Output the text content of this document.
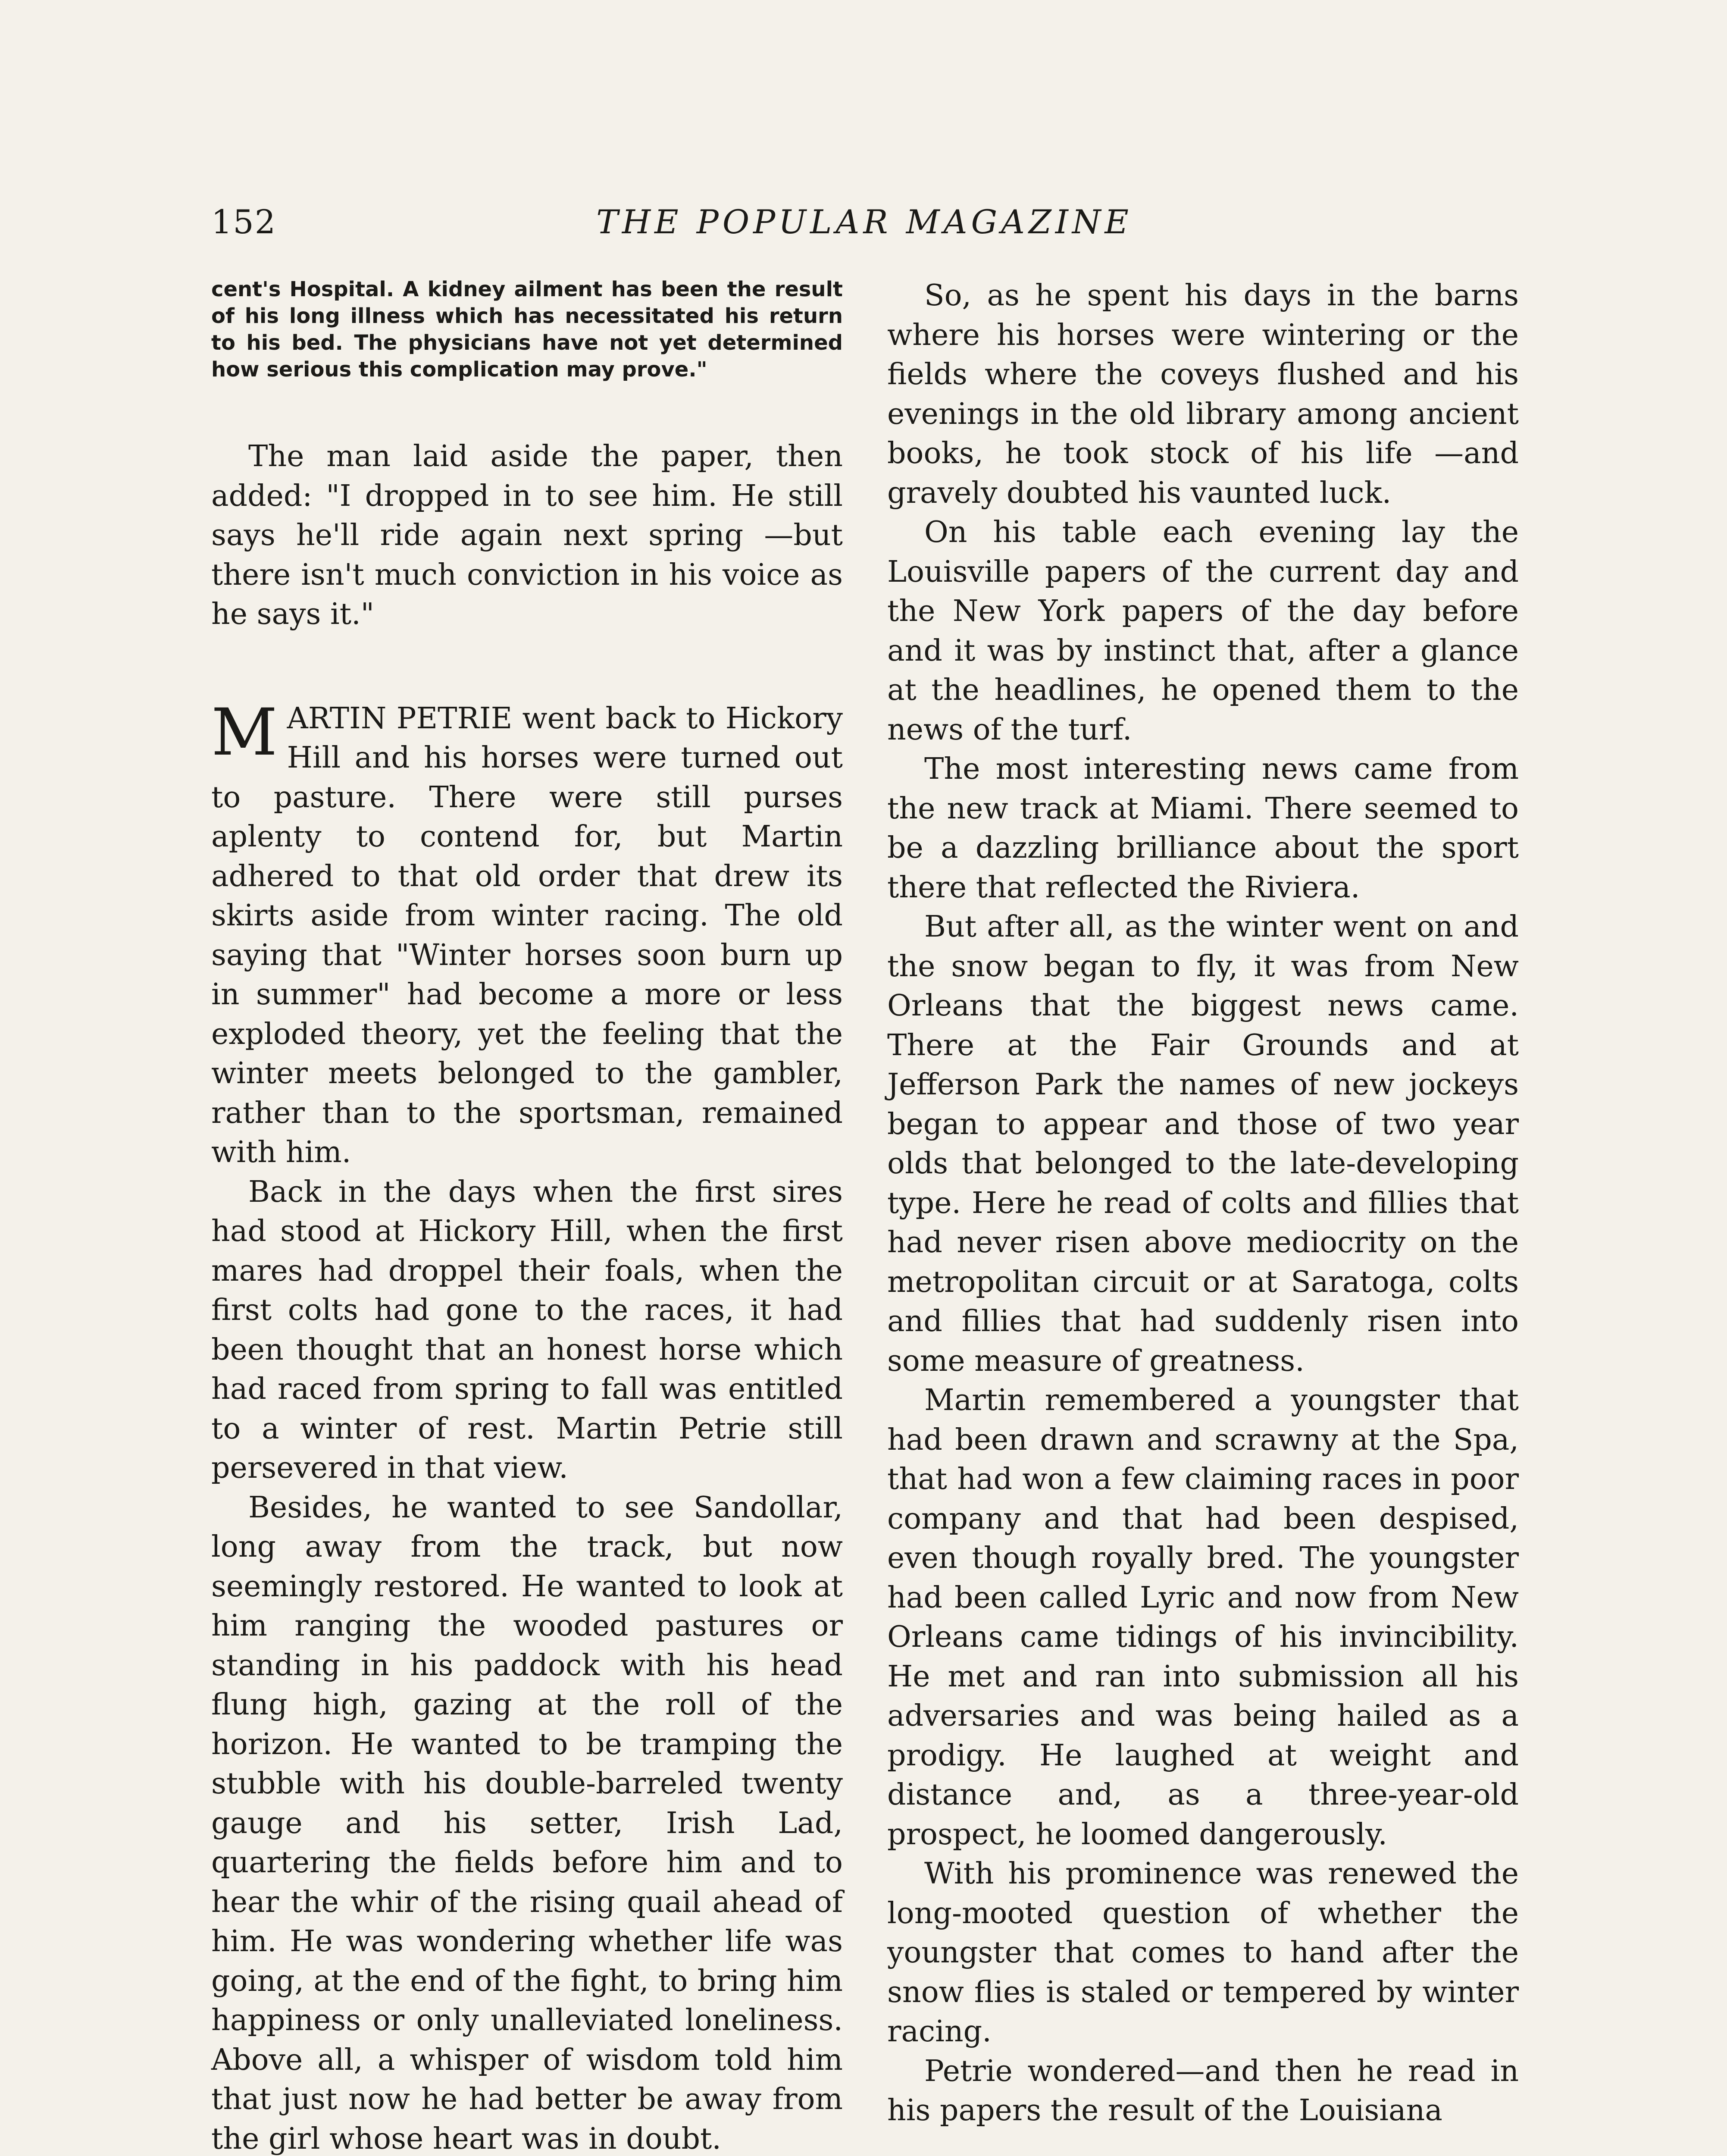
152	THE POPULAR MAGAZINE

cent's Hospital. A kidney ailment has been the result of his long illness which has necessitated his return to his bed. The physicians have not yet determined how serious this complication may prove."

The man laid aside the paper, then added: "I dropped in to see him. He still says he'll ride again next spring —but there isn't much conviction in his voice as he says it."

MARTIN PETRIE went back to Hickory Hill and his horses were turned out to pasture. There were still purses aplenty to contend for, but Martin adhered to that old order that drew its skirts aside from winter racing. The old saying that "Winter horses soon burn up in summer" had become a more or less exploded theory, yet the feeling that the winter meets belonged to the gambler, rather than to the sportsman, remained with him.

Back in the days when the first sires had stood at Hickory Hill, when the first mares had droppel their foals, when the first colts had gone to the races, it had been thought that an honest horse which had raced from spring to fall was entitled to a winter of rest. Martin Petrie still persevered in that view.

Besides, he wanted to see Sandollar, long away from the track, but now seemingly restored. He wanted to look at him ranging the wooded pastures or standing in his paddock with his head flung high, gazing at the roll of the horizon. He wanted to be tramping the stubble with his double-barreled twenty gauge and his setter, Irish Lad, quartering the fields before him and to hear the whir of the rising quail ahead of him. He was wondering whether life was going, at the end of the fight, to bring him happiness or only unalleviated loneliness. Above all, a whisper of wisdom told him that just now he had better be away from the girl whose heart was in doubt.

So, as he spent his days in the barns where his horses were wintering or the fields where the coveys flushed and his evenings in the old library among ancient books, he took stock of his life —and gravely doubted his vaunted luck.

On his table each evening lay the Louisville papers of the current day and the New York papers of the day before and it was by instinct that, after a glance at the headlines, he opened them to the news of the turf.

The most interesting news came from the new track at Miami. There seemed to be a dazzling brilliance about the sport there that reflected the Riviera.

But after all, as the winter went on and the snow began to fly, it was from New Orleans that the biggest news came. There at the Fair Grounds and at Jefferson Park the names of new jockeys began to appear and those of two year olds that belonged to the late-developing type. Here he read of colts and fillies that had never risen above mediocrity on the metropolitan circuit or at Saratoga, colts and fillies that had suddenly risen into some measure of greatness.

Martin remembered a youngster that had been drawn and scrawny at the Spa, that had won a few claiming races in poor company and that had been despised, even though royally bred. The youngster had been called Lyric and now from New Orleans came tidings of his invincibility. He met and ran into submission all his adversaries and was being hailed as a prodigy. He laughed at weight and distance and, as a three-year-old prospect, he loomed dangerously.

With his prominence was renewed the long-mooted question of whether the youngster that comes to hand after the snow flies is staled or tempered by winter racing.

Petrie wondered—and then he read in his papers the result of the Louisiana
